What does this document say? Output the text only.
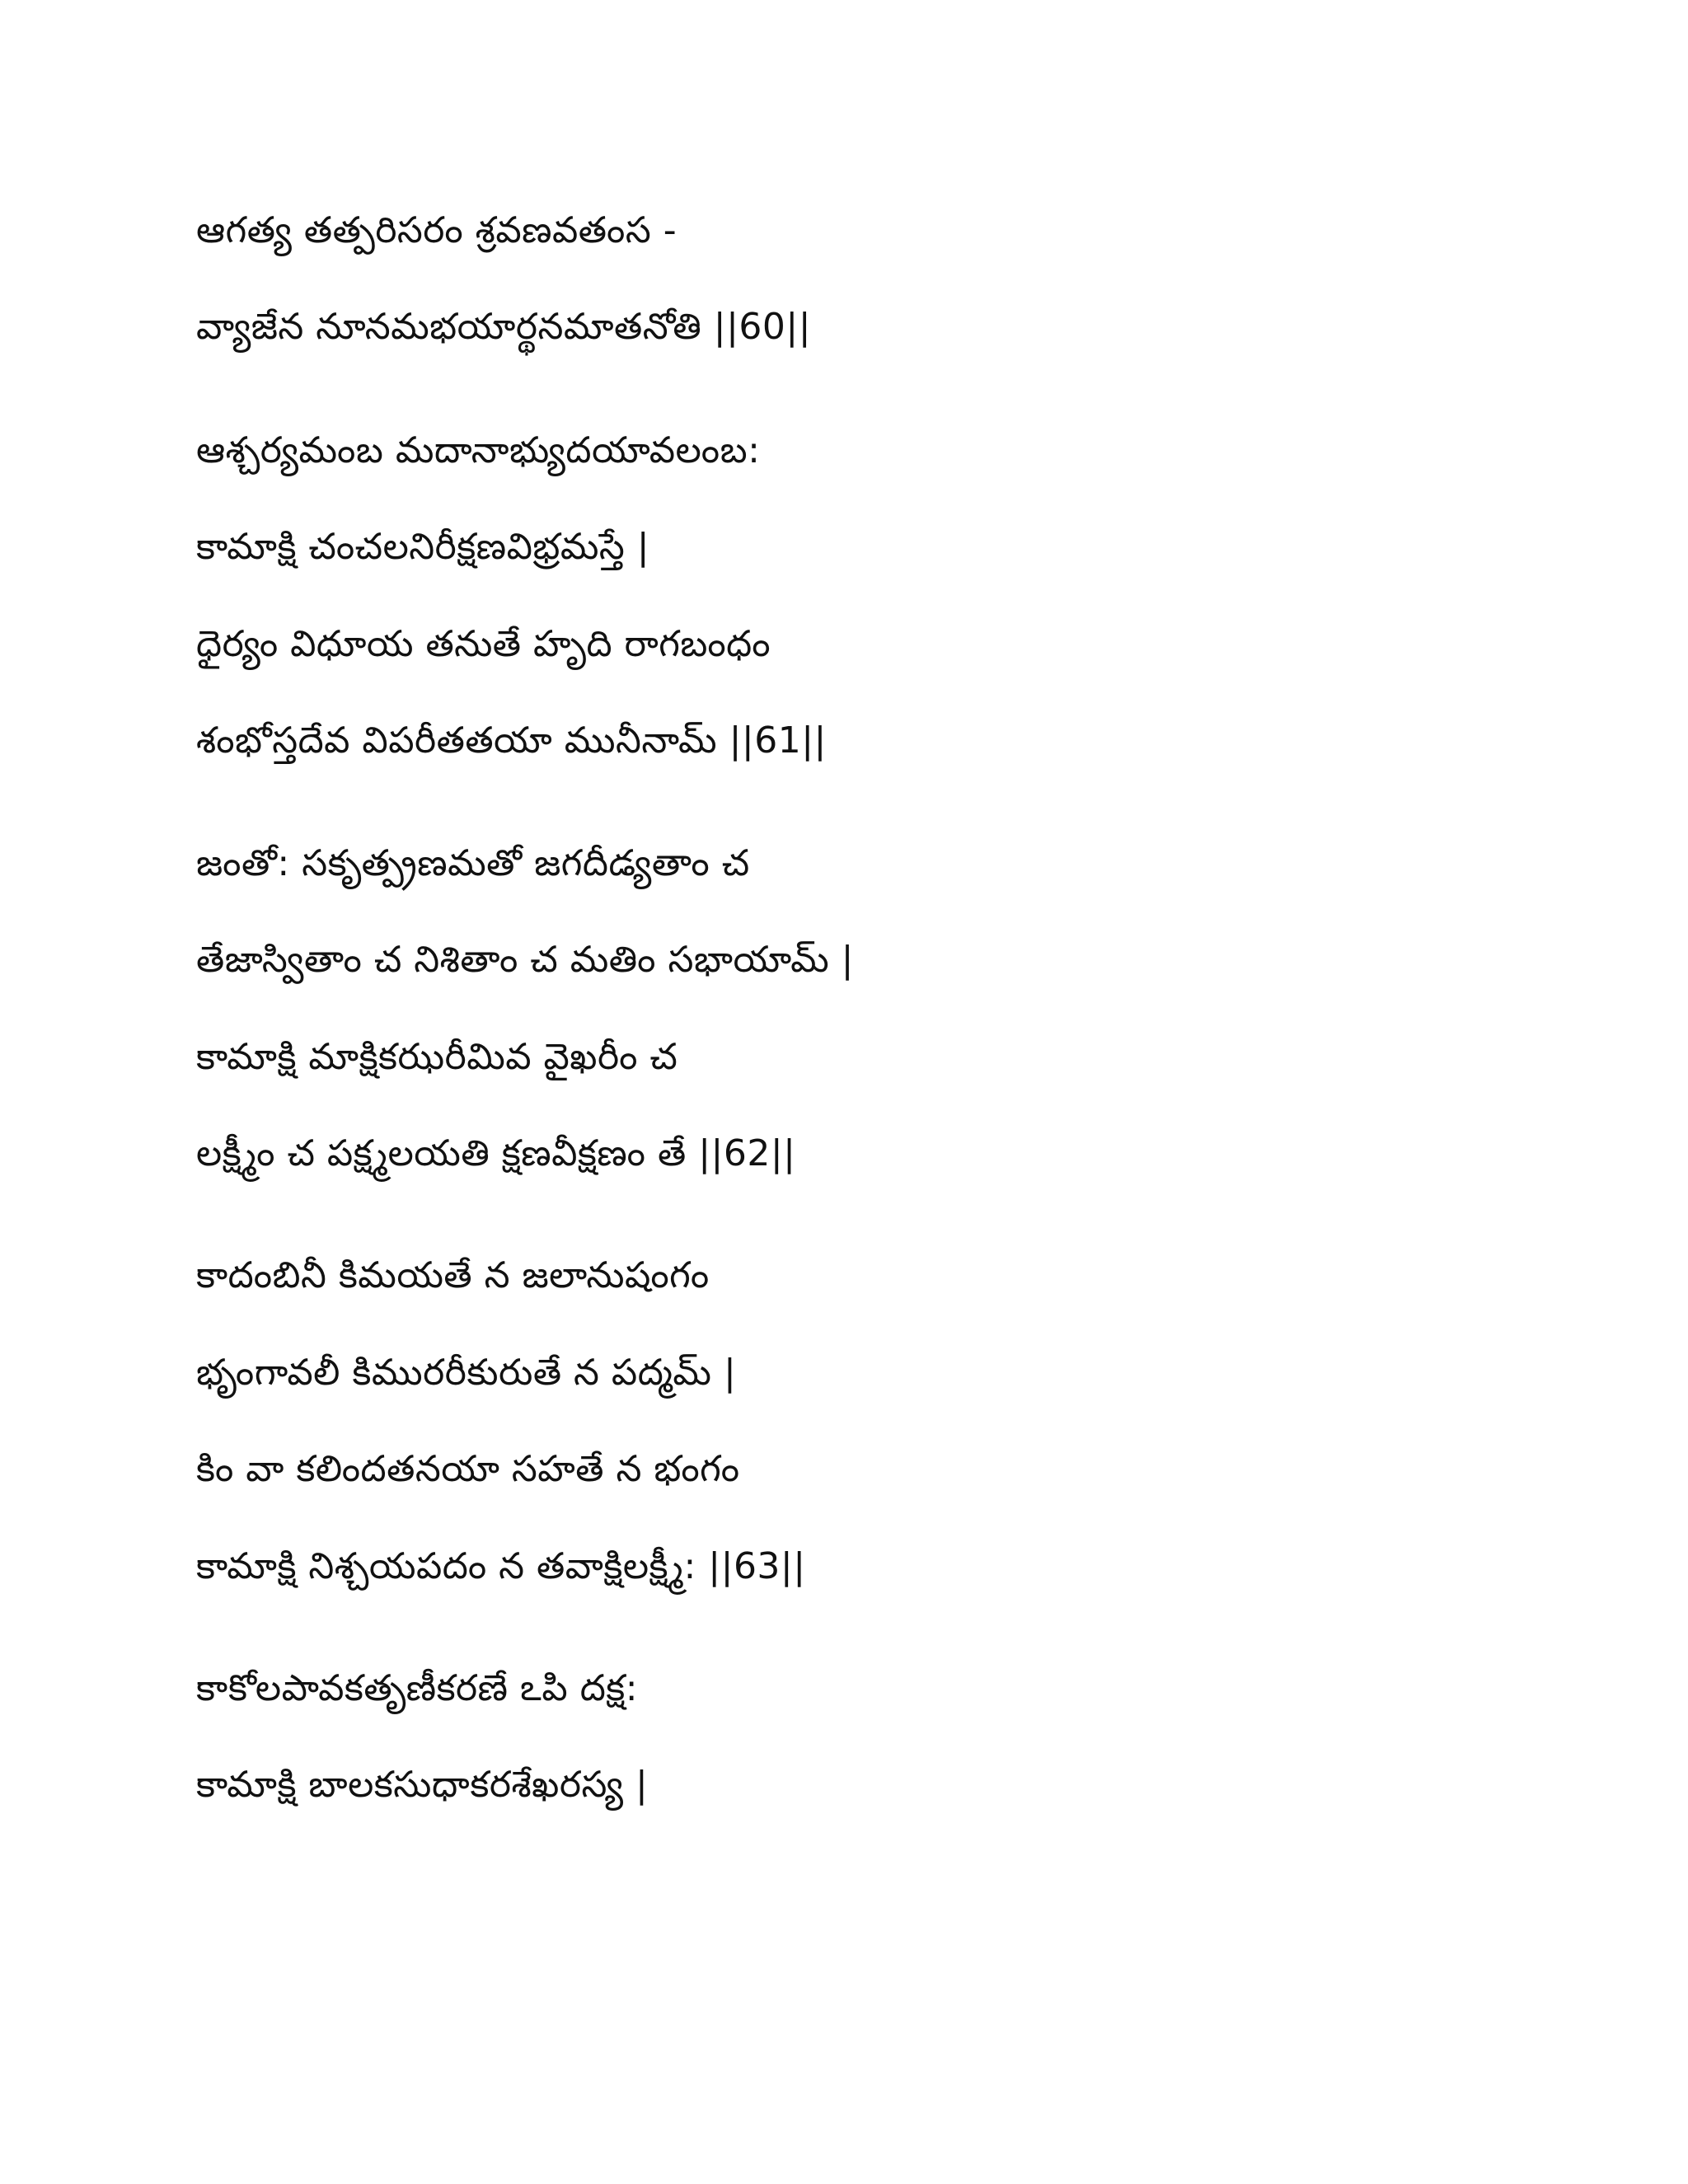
ఆగత్య తత్పరిసరం శ్రవణవతంస -
వ్యాజేన నూనమభయార్థనమాతనోతి ||60||
ఆశ్చర్యమంబ మదానాభ్యుదయావలంబ:
కామాక్షి చంచలనిరీక్షణవిభ్రమస్తే |
ధైర్యం విధూయ తనుతే హృది రాగబంధం
శంభోస్తదేవ విపరీతతయా మునీనామ్ ||61||
జంతో: సకృత్ప్రణమతో జగదీడ్యతాం చ
తేజాస్వితాం చ నిశితాం చ మతిం సభాయామ్ |
కామాక్షి మాక్షికఝరీమివ వైఖరీం చ
లక్ష్మీం చ పక్ష్మలయతి క్షణవీక్షణం తే ||62||
కాదంబినీ కిమయతే న జలానుషంగం
భృంగావలీ కిమురరీకురుతే న పద్మమ్ |
కిం వా కలిందతనయా సహతే న భంగం
కామాక్షి నిశ్చయపదం న తవాక్షిలక్ష్మీ: ||63||
కాకోలపావకతృణీకరణే ఽపి దక్ష:
కామాక్షి బాలకసుధాకరశేఖరస్య |
